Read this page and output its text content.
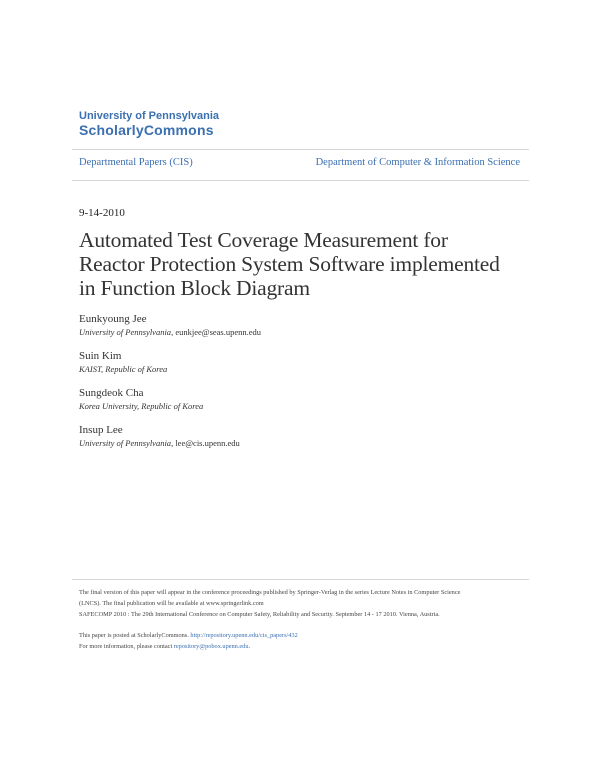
University of Pennsylvania
ScholarlyCommons
Departmental Papers (CIS)	Department of Computer & Information Science
9-14-2010
Automated Test Coverage Measurement for
Reactor Protection System Software implemented
in Function Block Diagram
Eunkyoung Jee
University of Pennsylvania, eunkjee@seas.upenn.edu
Suin Kim
KAIST, Republic of Korea
Sungdeok Cha
Korea University, Republic of Korea
Insup Lee
University of Pennsylvania, lee@cis.upenn.edu
The final version of this paper will appear in the conference proceedings published by Springer-Verlag in the series Lecture Notes in Computer Science
(LNCS). The final publication will be available at www.springerlink.com
SAFECOMP 2010 : The 29th International Conference on Computer Safety, Reliability and Security. September 14 - 17 2010. Vienna, Austria.
This paper is posted at ScholarlyCommons. http://repository.upenn.edu/cis_papers/432
For more information, please contact repository@pobox.upenn.edu.
